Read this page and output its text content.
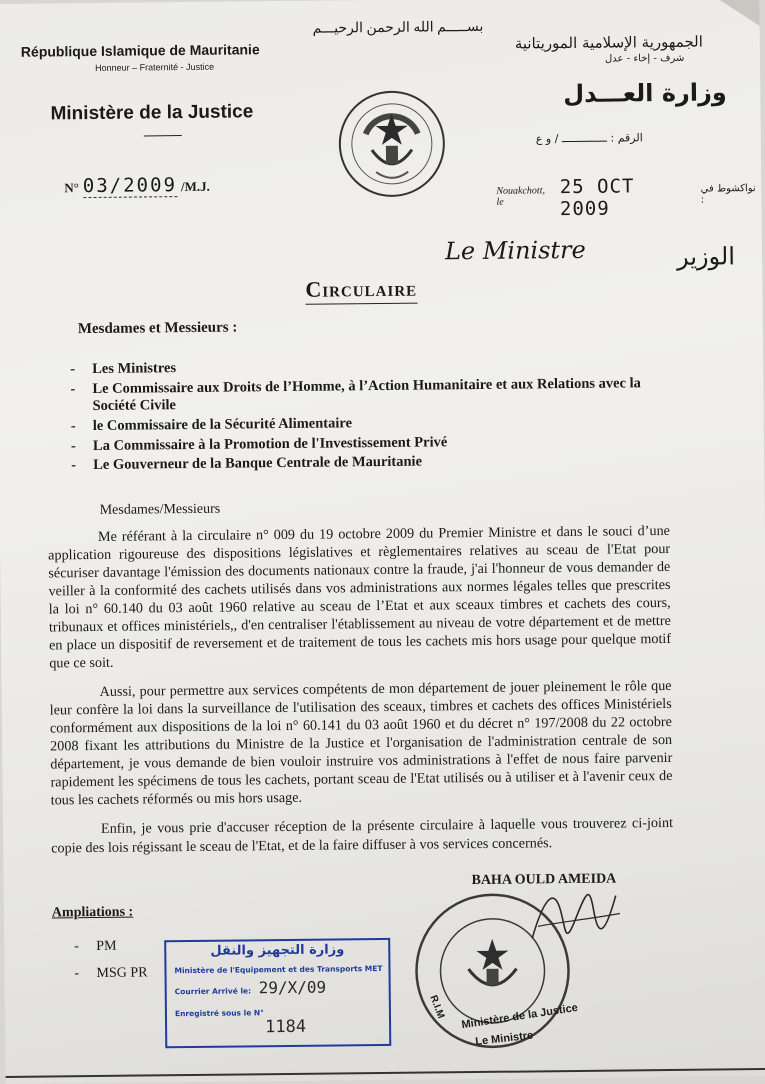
République Islamique de Mauritanie
Honneur – Fraternité - Justice
Ministère de la Justice
N° 03/2009 /M.J.
بســـــم الله الرحمن الرحيـــم
الجمهورية الإسلامية الموريتانية
شرف - إخاء - عدل
وزارة العـــدل
الرقم : ــــــــــــــ / و ع
Nouakchott, le
25 OCT 2009
نواكشوط في :
Le Ministre	الوزير
Circulaire
Mesdames et Messieurs :
- Les Ministres
- Le Commissaire aux Droits de l’Homme, à l’Action Humanitaire et aux Relations avec la Société Civile
- le Commissaire de la Sécurité Alimentaire
- La Commissaire à la Promotion de l'Investissement Privé
- Le Gouverneur de la Banque Centrale de Mauritanie
Mesdames/Messieurs

Me référant à la circulaire n° 009 du 19 octobre 2009 du Premier Ministre et dans le souci d’une application rigoureuse des dispositions législatives et règlementaires relatives au sceau de l'Etat pour sécuriser davantage l'émission des documents nationaux contre la fraude, j'ai l'honneur de vous demander de veiller à la conformité des cachets utilisés dans vos administrations aux normes légales telles que prescrites la loi n° 60.140 du 03 août 1960 relative au sceau de l’Etat et aux sceaux timbres et cachets des cours, tribunaux et offices ministériels,, d'en centraliser l'établissement au niveau de votre département et de mettre en place un dispositif de reversement et de traitement de tous les cachets mis hors usage pour quelque motif que ce soit.

Aussi, pour permettre aux services compétents de mon département de jouer pleinement le rôle que leur confère la loi dans la surveillance de l'utilisation des sceaux, timbres et cachets des offices Ministériels conformément aux dispositions de la loi n° 60.141 du 03 août 1960 et du décret n° 197/2008 du 22 octobre 2008 fixant les attributions du Ministre de la Justice et l'organisation de l'administration centrale de son département, je vous demande de bien vouloir instruire vos administrations à l'effet de nous faire parvenir rapidement les spécimens de tous les cachets, portant sceau de l'Etat utilisés ou à utiliser et à l'avenir ceux de tous les cachets réformés ou mis hors usage.

Enfin, je vous prie d'accuser réception de la présente circulaire à laquelle vous trouverez ci-joint copie des lois régissant le sceau de l'Etat, et de la faire diffuser à vos services concernés.

BAHA OULD AMEIDA
Ampliations :
- PM
- MSG PR
وزارة التجهيز والنقل
Ministère de l'Equipement et des Transports MET
Courrier Arrivé le: 29/X/09
Enregistré sous le N°
1184	Ministère de la Justice
Le Ministre
R.I.M
